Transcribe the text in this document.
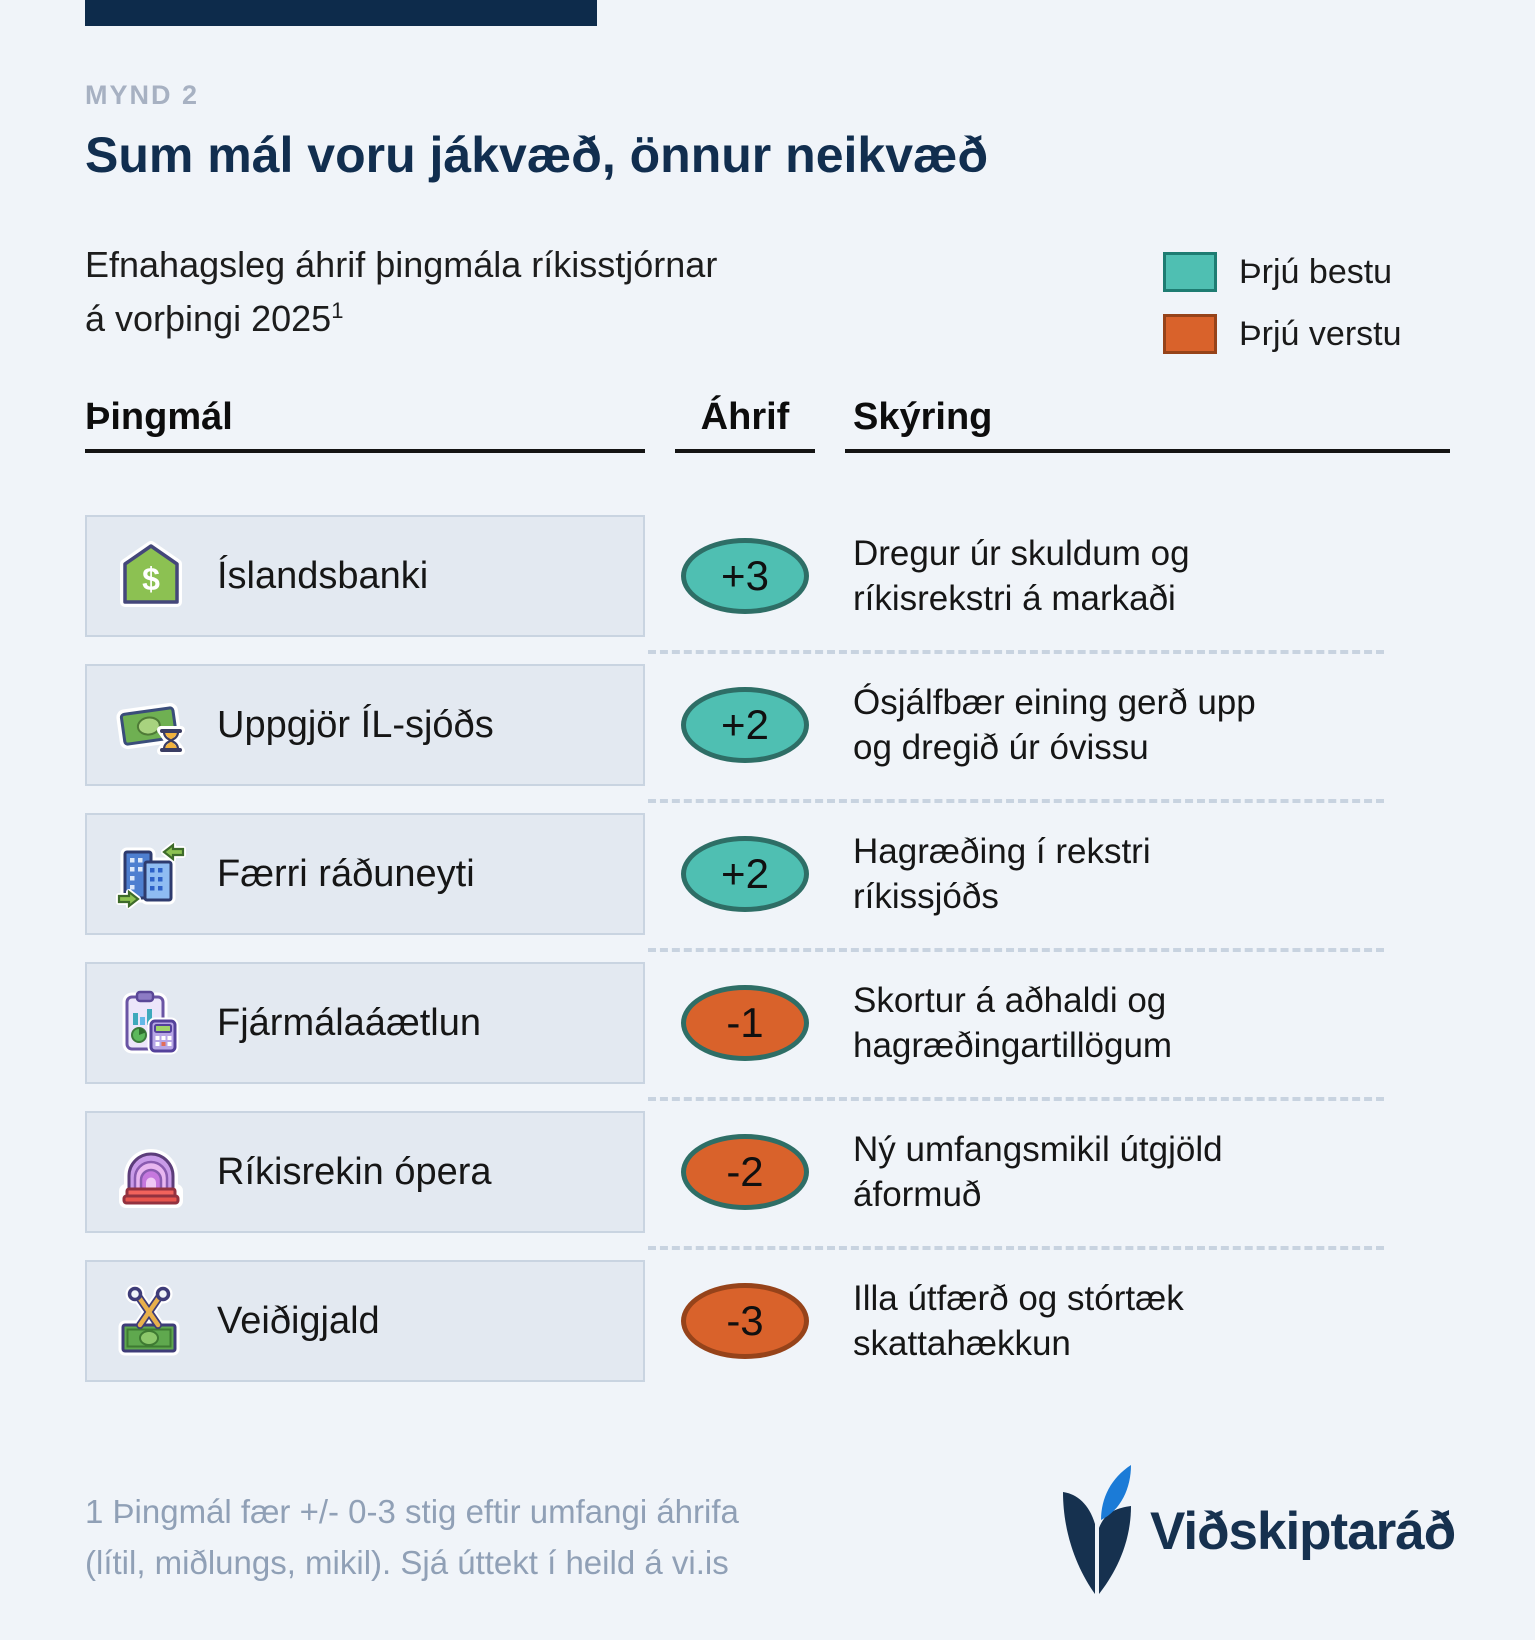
MYND 2
Sum mál voru jákvæð, önnur neikvæð
Efnahagsleg áhrif þingmála ríkisstjórnar
á vorþingi 2025$^1$
Þrjú bestu
Þrjú verstu
Þingmál	Áhrif	Skýring
$ Íslandsbanki	+3	Dregur úr skuldum og
ríkisrekstri á markaði
Uppgjör ÍL-sjóðs	+2	Ósjálfbær eining gerð upp
og dregið úr óvissu
Færri ráðuneyti	+2	Hagræðing í rekstri
ríkissjóðs
Fjármálaáætlun	-1	Skortur á aðhaldi og
hagræðingartillögum
Ríkisrekin ópera	-2	Ný umfangsmikil útgjöld
áformuð
Veiðigjald	-3	Illa útfærð og stórtæk
skattahækkun
1 Þingmál fær +/- 0-3 stig eftir umfangi áhrifa
(lítil, miðlungs, mikil). Sjá úttekt í heild á vi.is
Viðskiptaráð
